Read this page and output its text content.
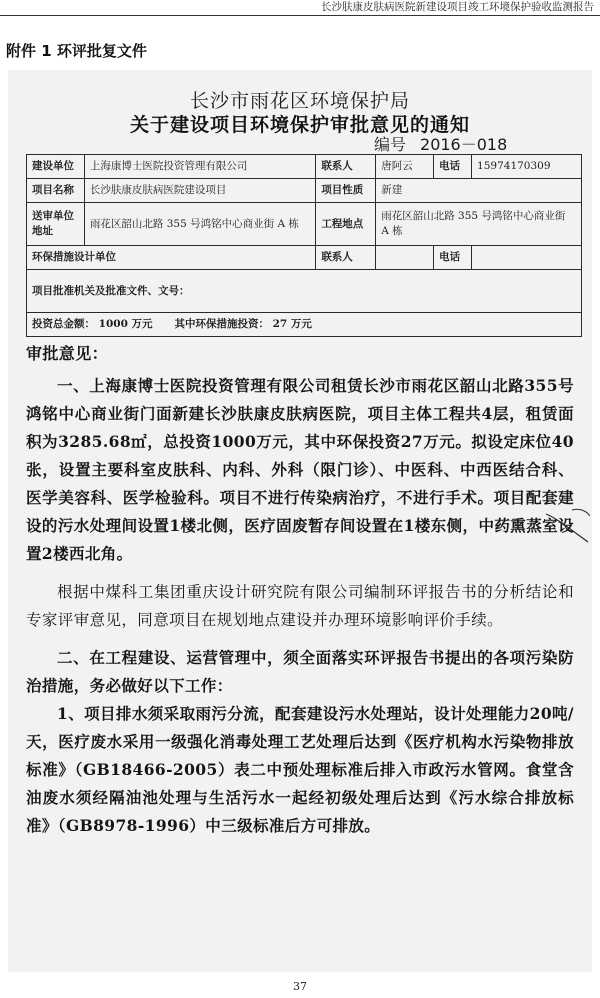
长沙肤康皮肤病医院新建设项目竣工环境保护验收监测报告
附件 1 环评批复文件
长沙市雨花区环境保护局
关于建设项目环境保护审批意见的通知
编号 2016－018
建设单位	上海康博士医院投资管理有限公司	联系人	唐阿云	电话	15974170309
项目名称	长沙肤康皮肤病医院建设项目	项目性质	新建		
送审单位地址	雨花区韶山北路 355 号鸿铭中心商业街 A 栋	工程地点	雨花区韶山北路 355 号鸿铭中心商业街 A 栋		
环保措施设计单位		联系人		电话	
项目批准机关及批准文件、文号：					
投资总金额： 1000 万元      其中环保措施投资： 27 万元					

审批意见：

一、上海康博士医院投资管理有限公司租赁长沙市雨花区韶山北路355号鸿铭中心商业街门面新建长沙肤康皮肤病医院，项目主体工程共4层，租赁面积为3285.68㎡，总投资1000万元，其中环保投资27万元。拟设定床位40张，设置主要科室皮肤科、内科、外科（限门诊）、中医科、中西医结合科、医学美容科、医学检验科。项目不进行传染病治疗，不进行手术。项目配套建设的污水处理间设置1楼北侧，医疗固废暂存间设置在1楼东侧，中药熏蒸室设置2楼西北角。

根据中煤科工集团重庆设计研究院有限公司编制环评报告书的分析结论和专家评审意见，同意项目在规划地点建设并办理环境影响评价手续。

二、在工程建设、运营管理中，须全面落实环评报告书提出的各项污染防治措施，务必做好以下工作：

1、项目排水须采取雨污分流，配套建设污水处理站，设计处理能力20吨/天，医疗废水采用一级强化消毒处理工艺处理后达到《医疗机构水污染物排放标准》（GB18466-2005）表二中预处理标准后排入市政污水管网。食堂含油废水须经隔油池处理与生活污水一起经初级处理后达到《污水综合排放标准》（GB8978-1996）中三级标准后方可排放。

37
